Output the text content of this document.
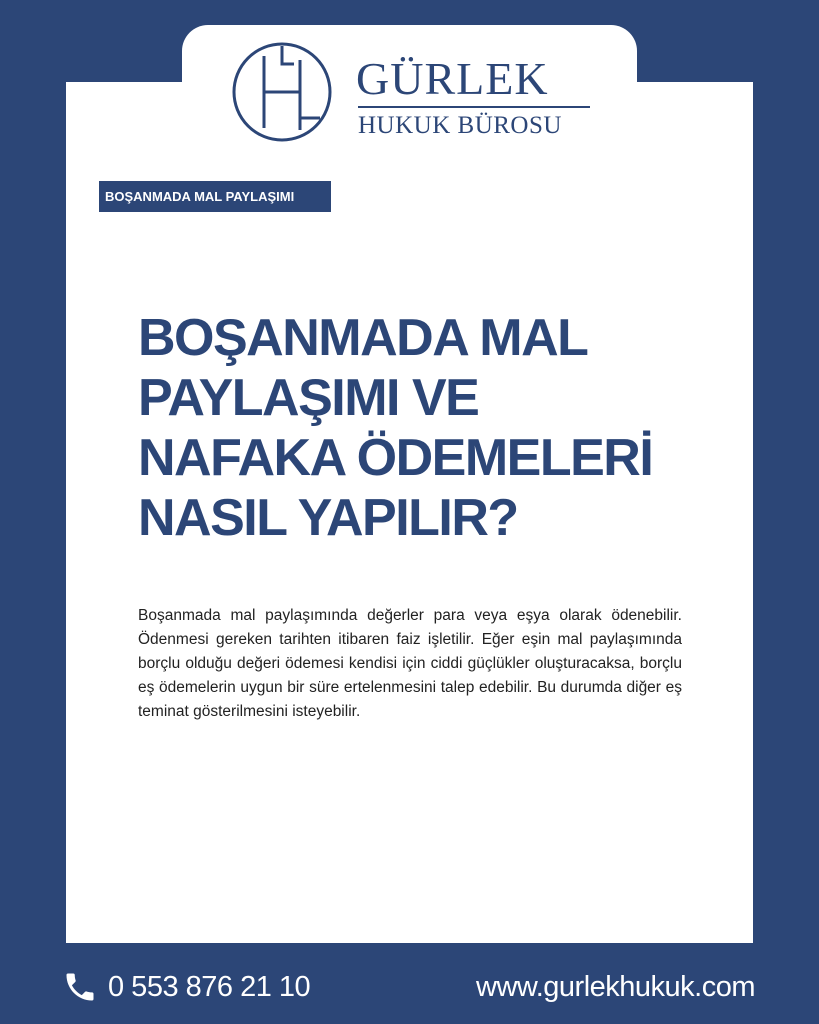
GÜRLEK
HUKUK BÜROSU
BOŞANMADA MAL PAYLAŞIMI
BOŞANMADA MAL
PAYLAŞIMI VE
NAFAKA ÖDEMELERİ
NASIL YAPILIR?

Boşanmada mal paylaşımında değerler para veya eşya olarak ödenebilir. Ödenmesi gereken tarihten itibaren faiz işletilir. Eğer eşin mal paylaşımında borçlu olduğu değeri ödemesi kendisi için ciddi güçlükler oluşturacaksa, borçlu eş ödemelerin uygun bir süre ertelenmesini talep edebilir. Bu durumda diğer eş teminat gösterilmesini isteyebilir.

0 553 876 21 10	www.gurlekhukuk.com
